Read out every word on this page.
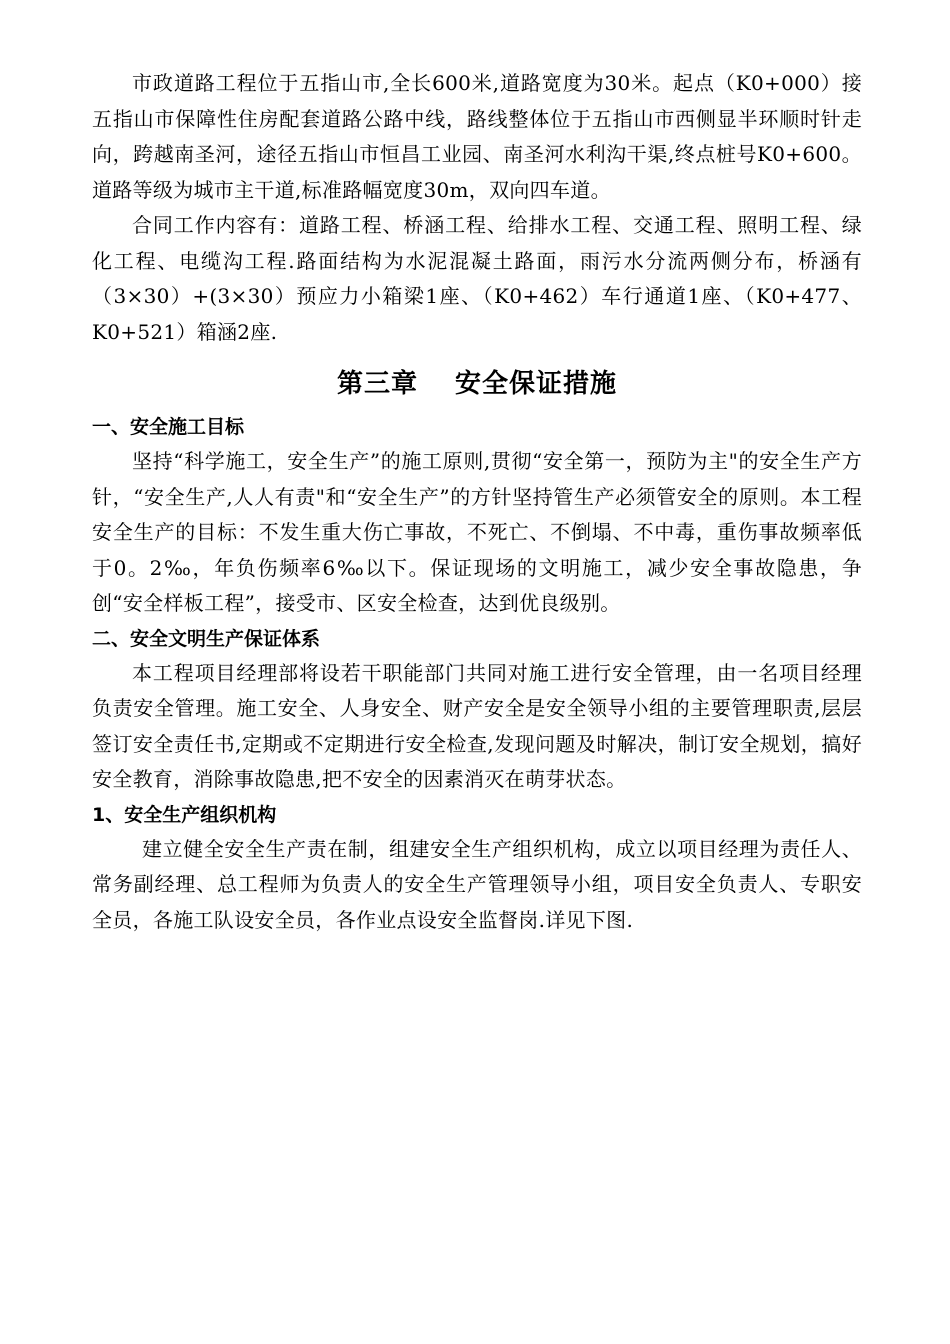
市政道路工程位于五指山市,全长600米,道路宽度为30米。起点（K0+000）接五指山市保障性住房配套道路公路中线，路线整体位于五指山市西侧显半环顺时针走向，跨越南圣河，途径五指山市恒昌工业园、南圣河水利沟干渠,终点桩号K0+600。道路等级为城市主干道,标准路幅宽度30m，双向四车道。

合同工作内容有：道路工程、桥涵工程、给排水工程、交通工程、照明工程、绿化工程、电缆沟工程.路面结构为水泥混凝土路面，雨污水分流两侧分布，桥涵有（3×30）+(3×30）预应力小箱梁1座、（K0+462）车行通道1座、（K0+477、K0+521）箱涵2座.

第三章　 安全保证措施
一、安全施工目标

坚持“科学施工，安全生产”的施工原则,贯彻“安全第一，预防为主"的安全生产方针，“安全生产,人人有责"和“安全生产”的方针坚持管生产必须管安全的原则。本工程安全生产的目标：不发生重大伤亡事故，不死亡、不倒塌、不中毒，重伤事故频率低于0。2‰，年负伤频率6‰以下。保证现场的文明施工，减少安全事故隐患，争创“安全样板工程”，接受市、区安全检查，达到优良级别。

二、安全文明生产保证体系

本工程项目经理部将设若干职能部门共同对施工进行安全管理，由一名项目经理负责安全管理。施工安全、人身安全、财产安全是安全领导小组的主要管理职责,层层签订安全责任书,定期或不定期进行安全检查,发现问题及时解决，制订安全规划，搞好安全教育，消除事故隐患,把不安全的因素消灭在萌芽状态。

1、安全生产组织机构

建立健全安全生产责在制，组建安全生产组织机构，成立以项目经理为责任人、常务副经理、总工程师为负责人的安全生产管理领导小组，项目安全负责人、专职安全员，各施工队设安全员，各作业点设安全监督岗.详见下图.
